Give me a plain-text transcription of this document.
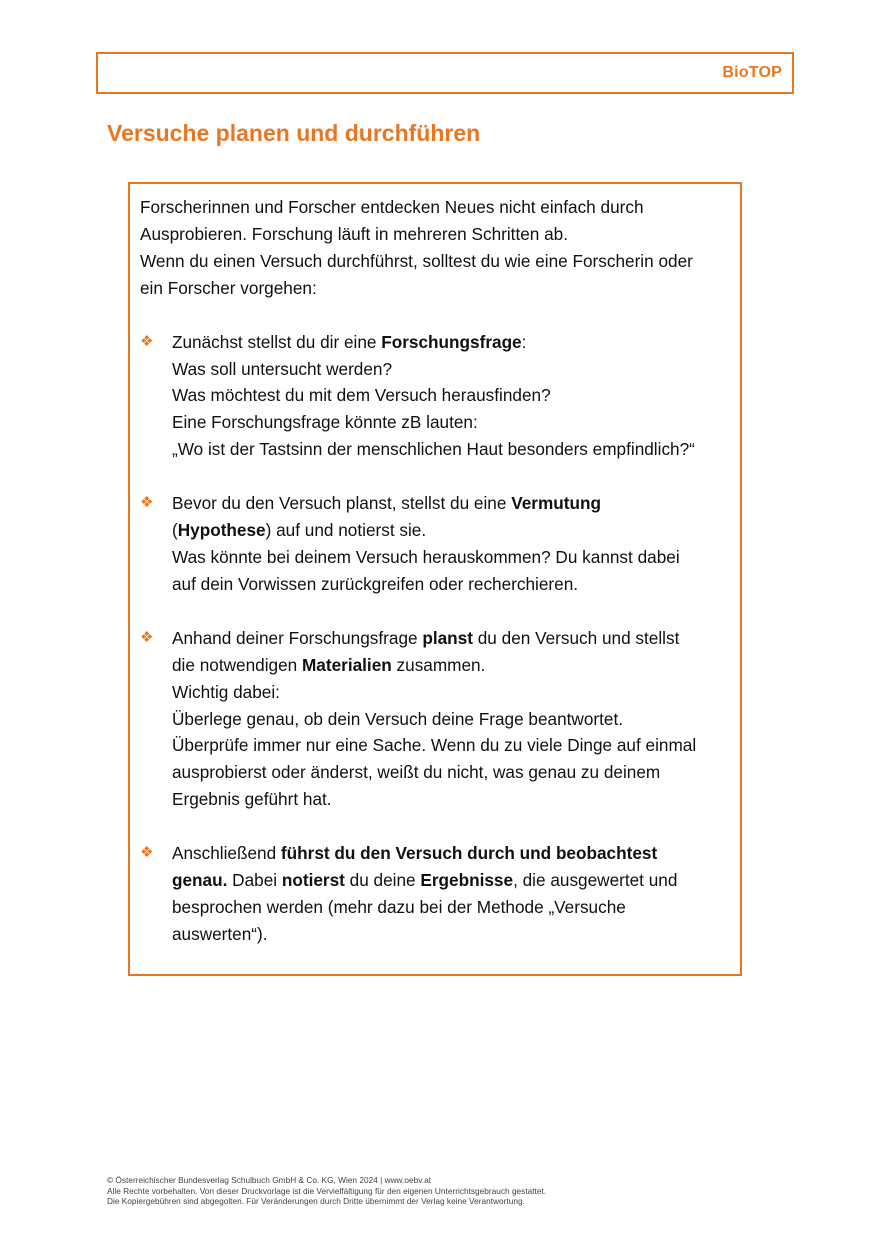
BioTOP
Versuche planen und durchführen

Forscherinnen und Forscher entdecken Neues nicht einfach durch
Ausprobieren. Forschung läuft in mehreren Schritten ab.
Wenn du einen Versuch durchführst, solltest du wie eine Forscherin oder
ein Forscher vorgehen:

❖ Zunächst stellst du dir eine Forschungsfrage:
Was soll untersucht werden?
Was möchtest du mit dem Versuch herausfinden?
Eine Forschungsfrage könnte zB lauten:
„Wo ist der Tastsinn der menschlichen Haut besonders empfindlich?“
❖ Bevor du den Versuch planst, stellst du eine Vermutung
(Hypothese) auf und notierst sie.
Was könnte bei deinem Versuch herauskommen? Du kannst dabei
auf dein Vorwissen zurückgreifen oder recherchieren.
❖ Anhand deiner Forschungsfrage planst du den Versuch und stellst
die notwendigen Materialien zusammen.
Wichtig dabei:
Überlege genau, ob dein Versuch deine Frage beantwortet.
Überprüfe immer nur eine Sache. Wenn du zu viele Dinge auf einmal
ausprobierst oder änderst, weißt du nicht, was genau zu deinem
Ergebnis geführt hat.
❖ Anschließend führst du den Versuch durch und beobachtest
genau. Dabei notierst du deine Ergebnisse, die ausgewertet und
besprochen werden (mehr dazu bei der Methode „Versuche
auswerten“).
© Österreichischer Bundesverlag Schulbuch GmbH & Co. KG, Wien 2024 | www.oebv.at
Alle Rechte vorbehalten. Von dieser Druckvorlage ist die Vervielfältigung für den eigenen Unterrichtsgebrauch gestattet.
Die Kopiergebühren sind abgegolten. Für Veränderungen durch Dritte übernimmt der Verlag keine Verantwortung.
